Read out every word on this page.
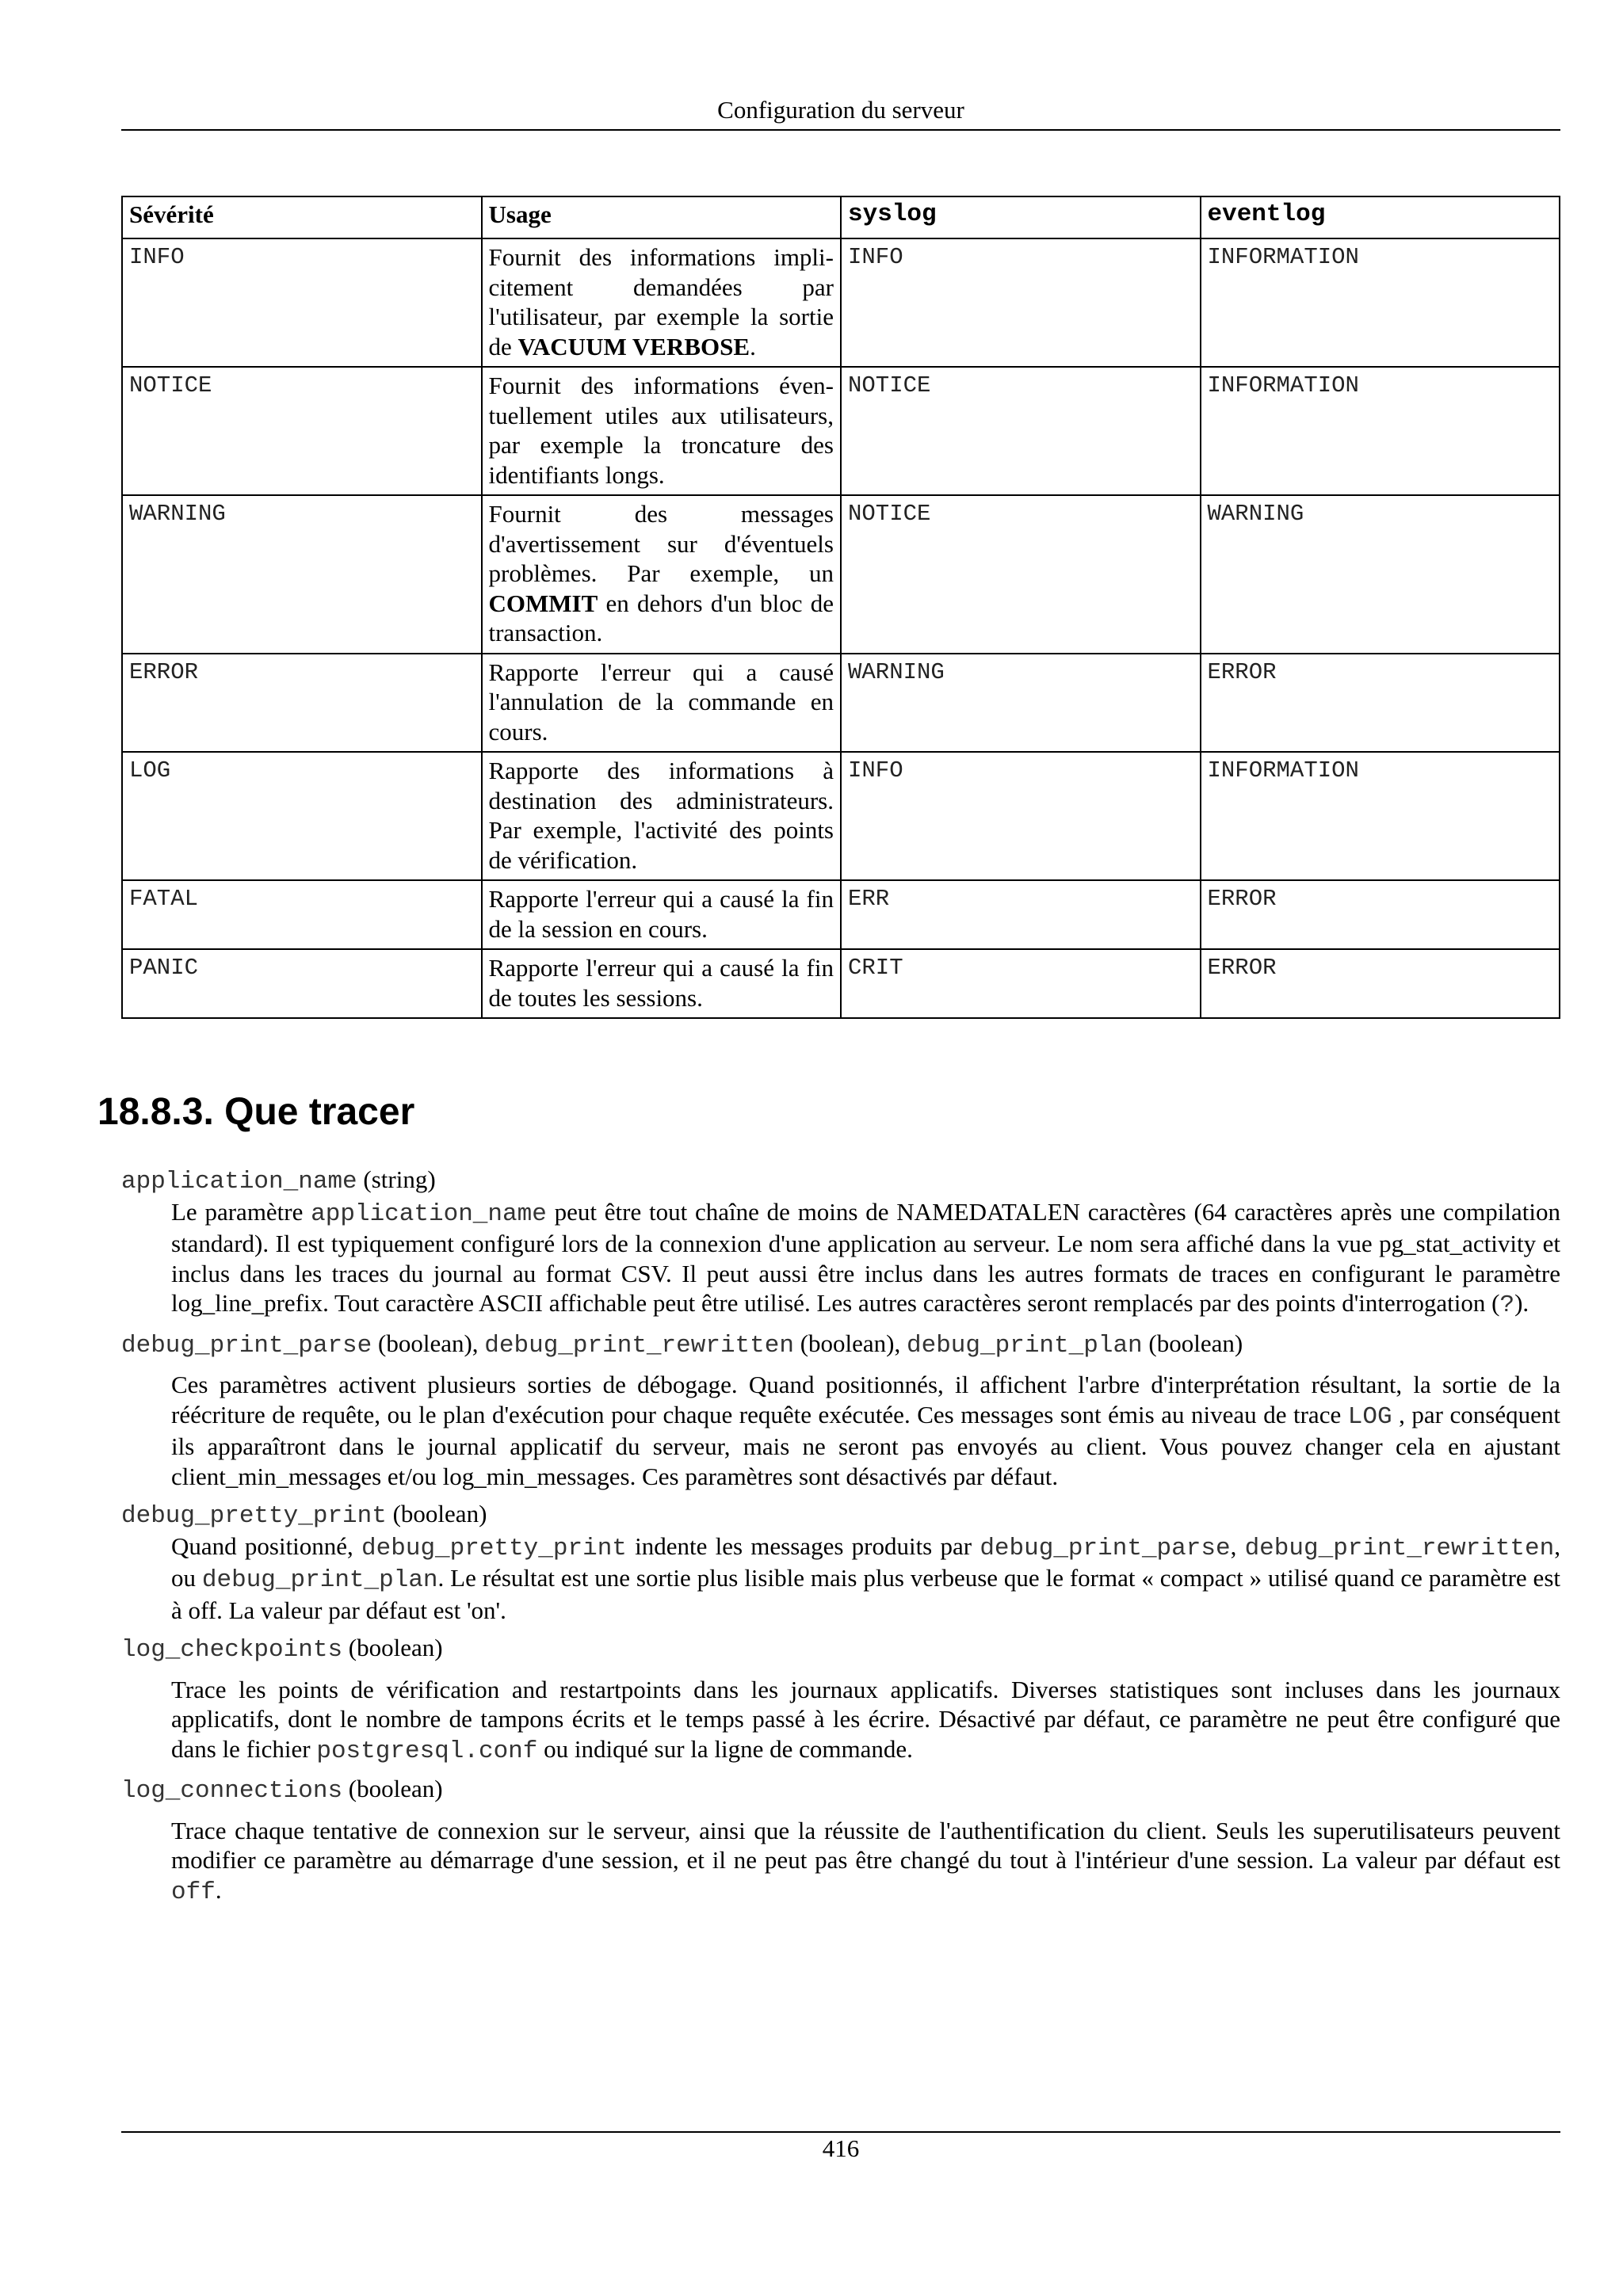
Configuration du serveur
Sévérité	Usage	syslog	eventlog
INFO	Fournit des informations implicitement demandées par l'utilisateur, par exemple la sortie de VACUUM VERBOSE.	INFO	INFORMATION
NOTICE	Fournit des informations éventuellement utiles aux utilisateurs, par exemple la troncature des identifiants longs.	NOTICE	INFORMATION
WARNING	Fournit des messages d'avertissement sur d'éventuels problèmes. Par exemple, un COMMIT en dehors d'un bloc de transaction.	NOTICE	WARNING
ERROR	Rapporte l'erreur qui a causé l'annulation de la commande en cours.	WARNING	ERROR
LOG	Rapporte des informations à destination des administrateurs. Par exemple, l'activité des points de vérification.	INFO	INFORMATION
FATAL	Rapporte l'erreur qui a causé la fin de la session en cours.	ERR	ERROR
PANIC	Rapporte l'erreur qui a causé la fin de toutes les sessions.	CRIT	ERROR
18.8.3. Que tracer

application_name (string)

Le paramètre application_name peut être tout chaîne de moins de NAMEDATALEN caractères (64 caractères après une compilation standard). Il est typiquement configuré lors de la connexion d'une application au serveur. Le nom sera affiché dans la vue pg_stat_activity et inclus dans les traces du journal au format CSV. Il peut aussi être inclus dans les autres formats de traces en configurant le paramètre log_line_prefix. Tout caractère ASCII affichable peut être utilisé. Les autres caractères seront remplacés par des points d'interrogation (?).

debug_print_parse (boolean), debug_print_rewritten (boolean), debug_print_plan (boolean)

Ces paramètres activent plusieurs sorties de débogage. Quand positionnés, il affichent l'arbre d'interprétation résultant, la sortie de la réécriture de requête, ou le plan d'exécution pour chaque requête exécutée. Ces messages sont émis au niveau de trace LOG , par conséquent ils apparaîtront dans le journal applicatif du serveur, mais ne seront pas envoyés au client. Vous pouvez changer cela en ajustant client_min_messages et/ou log_min_messages. Ces paramètres sont désactivés par défaut.

debug_pretty_print (boolean)

Quand positionné, debug_pretty_print indente les messages produits par debug_print_parse, debug_print_rewritten, ou debug_print_plan. Le résultat est une sortie plus lisible mais plus verbeuse que le format « compact » utilisé quand ce paramètre est à off. La valeur par défaut est 'on'.

log_checkpoints (boolean)

Trace les points de vérification and restartpoints dans les journaux applicatifs. Diverses statistiques sont incluses dans les journaux applicatifs, dont le nombre de tampons écrits et le temps passé à les écrire. Désactivé par défaut, ce paramètre ne peut être configuré que dans le fichier postgresql.conf ou indiqué sur la ligne de commande.

log_connections (boolean)

Trace chaque tentative de connexion sur le serveur, ainsi que la réussite de l'authentification du client. Seuls les superutilisateurs peuvent modifier ce paramètre au démarrage d'une session, et il ne peut pas être changé du tout à l'intérieur d'une session. La valeur par défaut est off.

416
